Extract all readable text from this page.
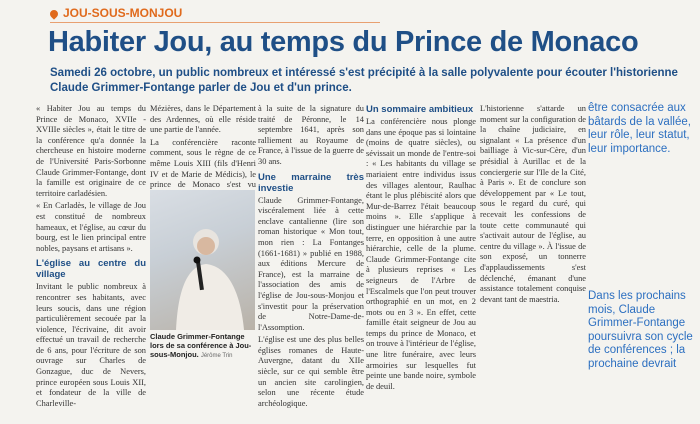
JOU-SOUS-MONJOU
Habiter Jou, au temps du Prince de Monaco
Samedi 26 octobre, un public nombreux et intéressé s'est précipité à la salle polyvalente pour écouter l'historienne Claude Grimmer-Fontange parler de Jou et d'un prince.

« Habiter Jou au temps du Prince de Monaco, XVIIe - XVIIIe siècles », était le titre de la conférence qu'a donnée la chercheuse en histoire moderne de l'Université Paris-Sorbonne Claude Grimmer-Fontange, dont la famille est originaire de ce territoire carladésien.

« En Carladès, le village de Jou est constitué de nombreux hameaux, et l'église, au cœur du bourg, est le lien principal entre nobles, paysans et artisans ».

L'église au centre du village

Invitant le public nombreux à rencontrer ses habitants, avec leurs soucis, dans une région particulièrement secouée par la violence, l'écrivaine, dit avoir effectué un travail de recherche de 6 ans, pour l'écriture de son ouvrage sur Charles de Gonzague, duc de Nevers, prince européen sous Louis XII, et fondateur de la ville de Charleville-

Mézières, dans le Département des Ardennes, où elle réside une partie de l'année.

La conférencière raconte comment, sous le règne de ce même Louis XIII (fils d'Henri IV et de Marie de Médicis), le prince de Monaco s'est vu

Claude Grimmer-Fontange lors de sa conférence à Jou-sous-Monjou. Jérôme Trin

à la suite de la signature du traité de Péronne, le 14 septembre 1641, après son ralliement au Royaume de France, à l'issue de la guerre de 30 ans.

Une marraine très investie

Claude Grimmer-Fontange, viscéralement liée à cette enclave cantalienne (lire son roman historique « Mon tout, mon rien : La Fontanges (1661-1681) » publié en 1988, aux éditions Mercure de France), est la marraine de l'association des amis de l'église de Jou-sous-Monjou et s'investit pour la préservation de Notre-Dame-de-l'Assomption.

L'église est une des plus belles églises romanes de Haute-Auvergne, datant du XIIe siècle, sur ce qui semble être un ancien site carolingien, selon une récente étude archéologique.

Un sommaire ambitieux

La conférencière nous plonge dans une époque pas si lointaine (moins de quatre siècles), ou sévissait un monde de l'entre-soi : « Les habitants du village se mariaient entre individus issus des villages alentour, Raulhac étant le plus plébiscité alors que Mur-de-Barrez l'était beaucoup moins ». Elle s'applique à distinguer une hiérarchie par la terre, en opposition à une autre hiérarchie, celle de la plume. Claude Grimmer-Fontange cite à plusieurs reprises « Les seigneurs de l'Arbre de l'Escalmels que l'on peut trouver orthographié en un mot, en 2 mots ou en 3 ». En effet, cette famille était seigneur de Jou au temps du prince de Monaco, et on trouve à l'intérieur de l'église, une litre funéraire, avec leurs armoiries sur lesquelles fut peinte une bande noire, symbole de deuil.

L'historienne s'attarde un moment sur la configuration de la chaîne judiciaire, en signalant « La présence d'un bailliage à Vic-sur-Cère, d'un présidial à Aurillac et de la conciergerie sur l'Ile de la Cité, à Paris ». Et de conclure son développement par « Le tout, sous le regard du curé, qui recevait les confessions de toute cette communauté qui s'activait autour de l'église, au centre du village ». À l'issue de son exposé, un tonnerre d'applaudissements s'est déclenché, émanant d'une assistance totalement conquise devant tant de maestria.

être consacrée aux bâtards de la vallée, leur rôle, leur statut, leur importance.
Dans les prochains mois, Claude Grimmer-Fontange poursuivra son cycle de conférences ; la prochaine devrait
